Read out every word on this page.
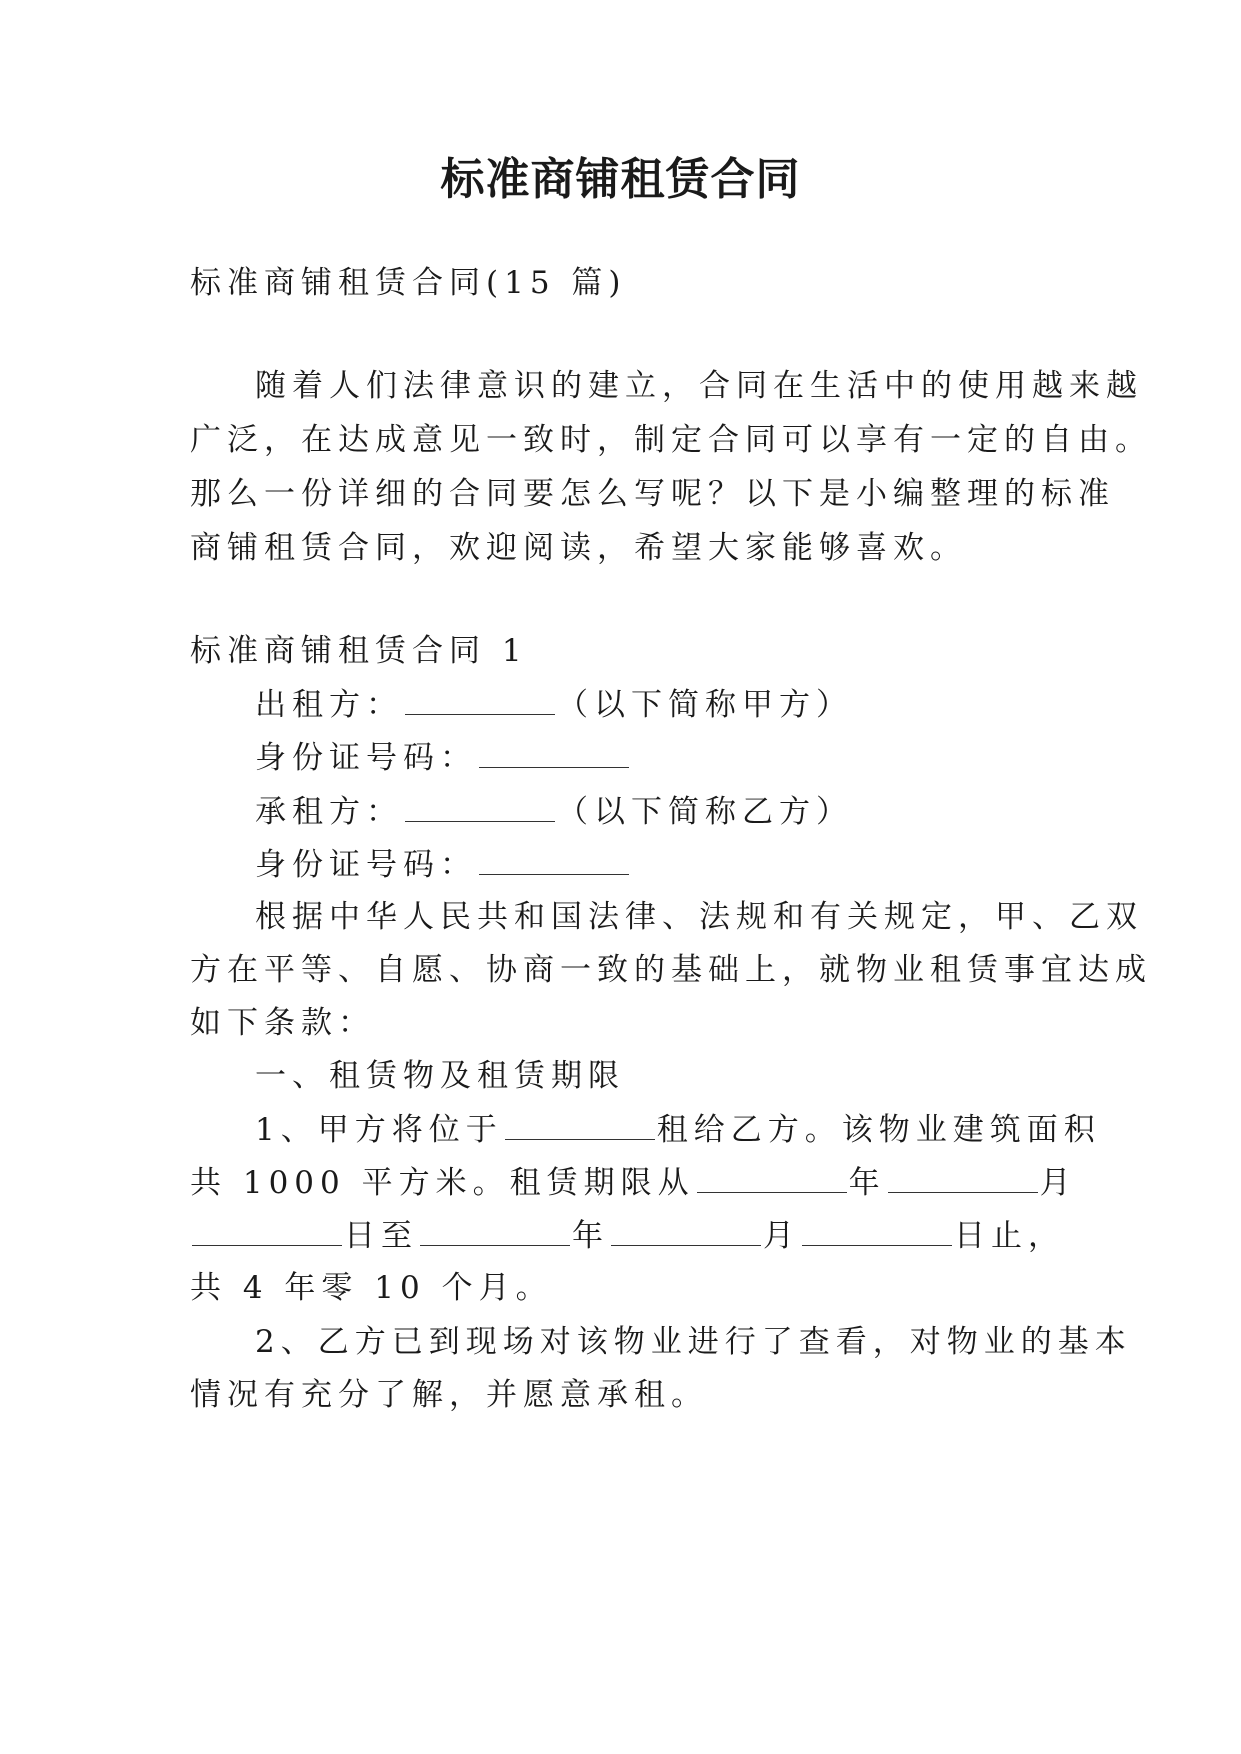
标准商铺租赁合同
标准商铺租赁合同(15 篇)
随着人们法律意识的建立，合同在生活中的使用越来越
广泛，在达成意见一致时，制定合同可以享有一定的自由。
那么一份详细的合同要怎么写呢？以下是小编整理的标准
商铺租赁合同，欢迎阅读，希望大家能够喜欢。
标准商铺租赁合同 1
出租方：	（以下简称甲方）
身份证号码：
承租方：	（以下简称乙方）
身份证号码：
根据中华人民共和国法律、法规和有关规定，甲、乙双
方在平等、自愿、协商一致的基础上，就物业租赁事宜达成
如下条款：
一、租赁物及租赁期限
1、甲方将位于	租给乙方。该物业建筑面积
共 1000 平方米。租赁期限从	年	月
日至	年	月	日止，
共 4 年零 10 个月。
2、乙方已到现场对该物业进行了查看，对物业的基本
情况有充分了解，并愿意承租。
